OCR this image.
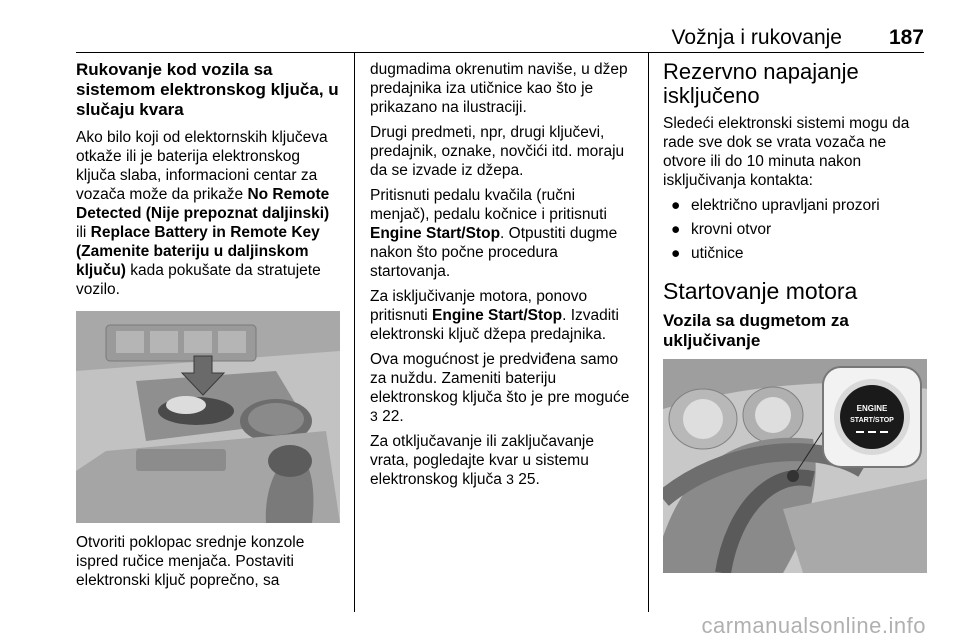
Vožnja i rukovanje 187
Rukovanje kod vozila sa sistemom elektronskog ključa, u slučaju kvara

Ako bilo koji od elektornskih ključeva otkaže ili je baterija elektronskog ključa slaba, informacioni centar za vozača može da prikaže No Remote Detected (Nije prepoznat daljinski) ili Replace Battery in Remote Key (Zamenite bateriju u daljinskom ključu) kada pokušate da stratujete vozilo.

Otvoriti poklopac srednje konzole ispred ručice menjača. Postaviti elektronski ključ poprečno, sa

dugmadima okrenutim naviše, u džep predajnika iza utičnice kao što je prikazano na ilustraciji.

Drugi predmeti, npr, drugi ključevi, predajnik, oznake, novčići itd. moraju da se izvade iz džepa.

Pritisnuti pedalu kvačila (ručni menjač), pedalu kočnice i pritisnuti Engine Start/Stop. Otpustiti dugme nakon što počne procedura startovanja.

Za isključivanje motora, ponovo pritisnuti Engine Start/Stop. Izvaditi elektronski ključ džepa predajnika.

Ova mogućnost je predviđena samo za nuždu. Zameniti bateriju elektronskog ključa što je pre moguće 3 22.

Za otključavanje ili zaključavanje vrata, pogledajte kvar u sistemu elektronskog ključa 3 25.

Rezervno napajanje isključeno

Sledeći elektronski sistemi mogu da rade sve dok se vrata vozača ne otvore ili do 10 minuta nakon isključivanja kontakta:

● električno upravljani prozori
● krovni otvor
● utičnice
Startovanje motora
Vozila sa dugmetom za uključivanje
ENGINE
START/STOP
carmanualsonline.info
